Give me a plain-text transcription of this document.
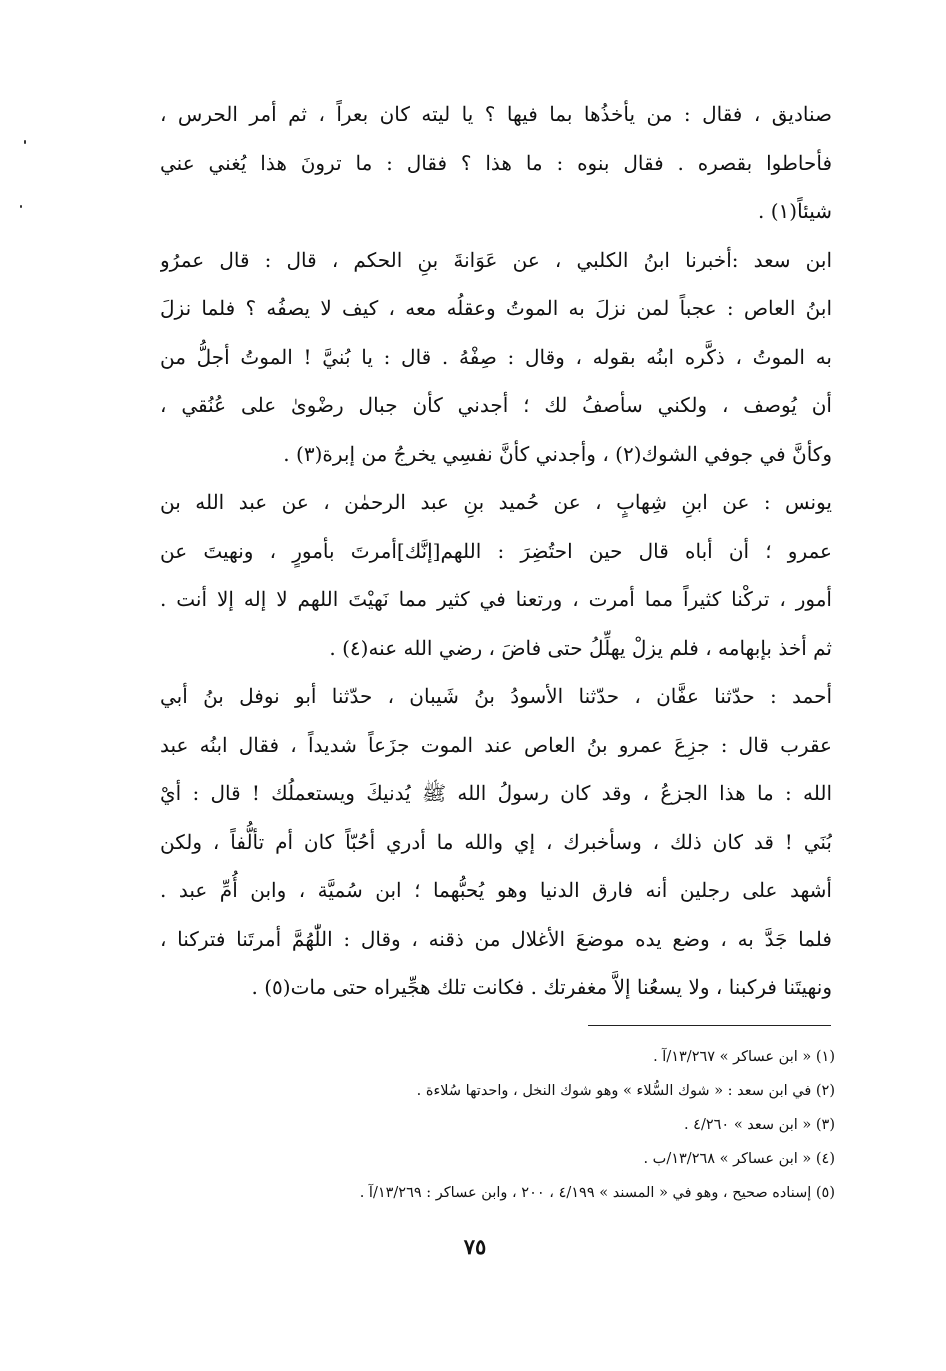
صناديق ، فقال : من يأخذُها بما فيها ؟ يا ليته كان بعراً ، ثم أمر الحرس ،
فأحاطوا بقصره . فقال بنوه : ما هذا ؟ فقال : ما ترونَ هذا يُغني عني
شيئاً(١) .
ابن سعد :أخبرنا ابنُ الكلبي ، عن عَوَانةَ بنِ الحكم ، قال : قال عمرُو
ابنُ العاص : عجباً لمن نزلَ به الموتُ وعقلُه معه ، كيف لا يصفُه ؟ فلما نزلَ
به الموتُ ، ذكَّره ابنُه بقوله ، وقال : صِفْهُ . قال : يا بُنيَّ ! الموتُ أجلُّ من
أن يُوصف ، ولكني سأصفُ لك ؛ أجدني كأن جبال رضْوىٰ على عُنُقي ،
وكأنَّ في جوفي الشوك(٢) ، وأجدني كأنَّ نفسِي يخرجُ من إبرة(٣) .
يونس : عن ابنِ شِهابٍ ، عن حُميد بنِ عبد الرحمٰن ، عن عبد الله بن
عمرو ؛ أن أباه قال حين احتُضِرَ : اللهم[إنَّك]أمرتَ بأمورٍ ، ونهيتَ عن
أمور ، تركْنا كثيراً مما أمرت ، ورتعنا في كثير مما نَهيْتَ اللهم لا إله إلا أنت .
ثم أخذ بإبهامه ، فلم يزلْ يهلِّلُ حتى فاضَ ، رضي الله عنه(٤) .
أحمد : حدّثنا عفَّان ، حدّثنا الأسودُ بنُ شَيبان ، حدّثنا أبو نوفل بنُ أبي
عقرب قال : جزِعَ عمرو بنُ العاص عند الموت جزَعاً شديداً ، فقال ابنُه عبد
الله : ما هذا الجزعُ ، وقد كان رسولُ الله ﷺ يُدنيكَ ويستعملُك ! قال : أيْ
بُنَي ! قد كان ذلك ، وسأخبرك ، إي والله ما أدري أحُبّاً كان أم تألُّفاً ، ولكن
أشهد على رجلين أنه فارق الدنيا وهو يُحبُّهما ؛ ابن سُميَّة ، وابن أُمِّ عبد .
فلما جَدَّ به ، وضع يده موضعَ الأغلال من ذقنه ، وقال : اللّٰهُمَّ أمرتَنا فتركنا ،
ونهيتَنا فركبنا ، ولا يسعُنا إلاَّ مغفرتك . فكانت تلك هجِّيراه حتى مات(٥) .
(١) « ابن عساكر » ١٣/٢٦٧/آ .
(٢) في ابن سعد : « شوك السُّلاء » وهو شوك النخل ، واحدتها سُلاءة .
(٣) « ابن سعد » ٤/٢٦٠ .
(٤) « ابن عساكر » ١٣/٢٦٨/ب .
(٥) إسناده صحيح ، وهو في « المسند » ٤/١٩٩ ، ٢٠٠ ، وابن عساكر : ١٣/٢٦٩/آ .
٧٥
